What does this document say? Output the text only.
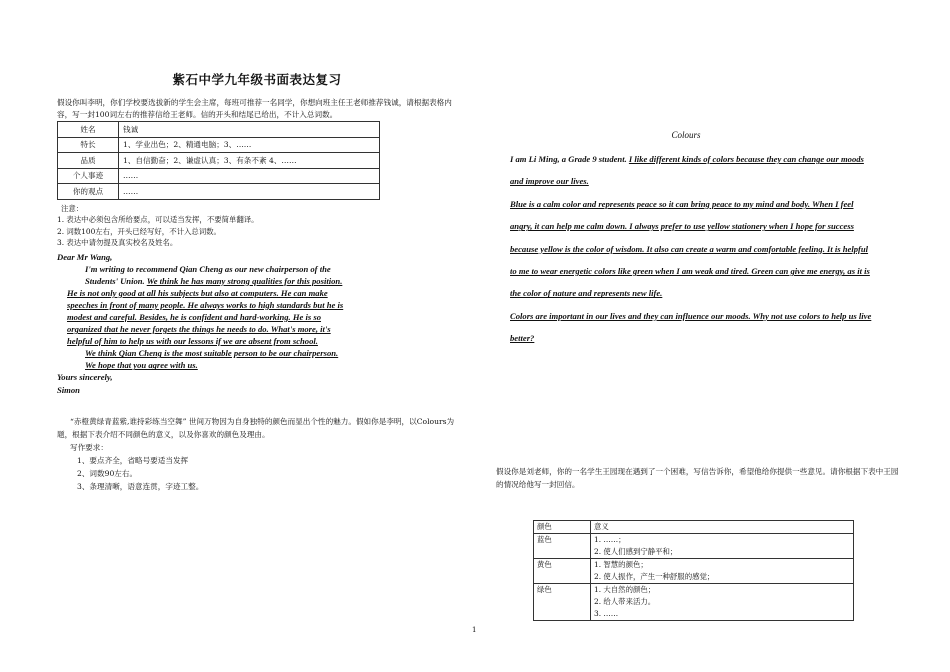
紫石中学九年级书面表达复习

假设你叫李明，你们学校要选拔新的学生会主席，每班可推荐一名同学，你想向班主任王老师推荐钱诚，请根据表格内容，写一封100词左右的推荐信给王老师。信的开头和结尾已给出，不计入总词数。

姓名	钱诚
特长	1、学业出色；2、精通电脑；3、……
品质	1、自信勤奋；2、谦虚认真；3、有条不紊 4、……
个人事迹	……
你的观点	……
注意：
1. 表达中必须包含所给要点，可以适当发挥，不要简单翻译。
2. 词数100左右，开头已经写好，不计入总词数。
3. 表达中请勿提及真实校名及姓名。

Dear Mr Wang,

I'm writing to recommend Qian Cheng as our new chairperson of the Students' Union. We think he has many strong qualities for this position.

He is not only good at all his subjects but also at computers. He can make speeches in front of many people. He always works to high standards but he is modest and careful. Besides, he is confident and hard-working. He is so organized that he never forgets the things he needs to do. What's more, it's helpful of him to help us with our lessons if we are absent from school.

We think Qian Cheng is the most suitable person to be our chairperson. We hope that you agree with us.

Yours sincerely,

Simon

“赤橙黄绿青蓝紫,谁持彩练当空舞” 世间万物因为自身独特的颜色而显出个性的魅力。假如你是李明，以Colours为题，根据下表介绍不同颜色的意义，以及你喜欢的颜色及理由。

写作要求：
1、要点齐全，省略号要适当发挥
2、词数90左右。
3、条理清晰，语意连贯，字迹工整。
Colours

I am Li Ming, a Grade 9 student. I like different kinds of colors because they can change our moods and improve our lives.

Blue is a calm color and represents peace so it can bring peace to my mind and body. When I feel angry, it can help me calm down. I always prefer to use yellow stationery when I hope for success because yellow is the color of wisdom. It also can create a warm and comfortable feeling. It is helpful to me to wear energetic colors like green when I am weak and tired. Green can give me energy, as it is the color of nature and represents new life.

Colors are important in our lives and they can influence our moods. Why not use colors to help us live better?

假设你是刘老师，你的一名学生王园现在遇到了一个困难，写信告诉你，希望他给你提供一些意见。请你根据下表中王园的情况给他写一封回信。
颜色	意义
蓝色	1. ……；
2. 使人们感到宁静平和；

黄色	1. 智慧的颜色；
2. 使人振作，产生一种舒服的感觉；

绿色	1. 大自然的颜色；
2. 给人带来活力。
3. ……
1
